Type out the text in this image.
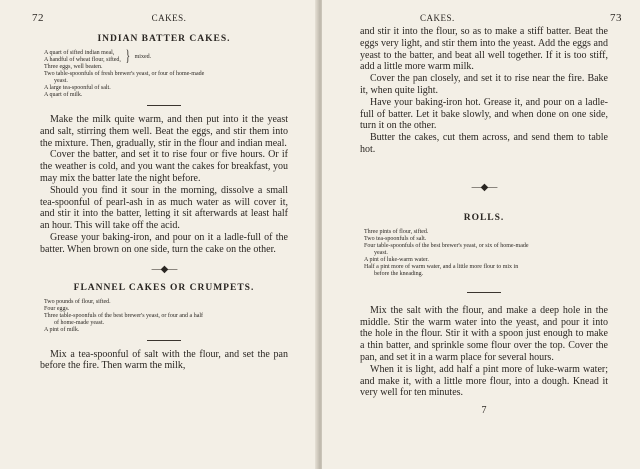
72	CAKES.
INDIAN BATTER CAKES.

A quart of sifted indian meal,

A handful of wheat flour, sifted, } mixed.

Three eggs, well beaten.

Two table-spoonfuls of fresh brewer's yeast, or four of home-made

yeast.

A large tea-spoonful of salt.

A quart of milk.

Make the milk quite warm, and then put into it the yeast and salt, stirring them well. Beat the eggs, and stir them into the mixture. Then, gradually, stir in the flour and indian meal.

Cover the batter, and set it to rise four or five hours. Or if the weather is cold, and you want the cakes for breakfast, you may mix the batter late the night before.

Should you find it sour in the morning, dissolve a small tea-spoonful of pearl-ash in as much water as will cover it, and stir it into the batter, letting it sit afterwards at least half an hour. This will take off the acid.

Grease your baking-iron, and pour on it a ladle-full of the batter. When brown on one side, turn the cake on the other.

―◆―
FLANNEL CAKES OR CRUMPETS.

Two pounds of flour, sifted.

Four eggs.

Three table-spoonfuls of the best brewer's yeast, or four and a half

of home-made yeast.

A pint of milk.

Mix a tea-spoonful of salt with the flour, and set the pan before the fire. Then warm the milk,

CAKES.	73

and stir it into the flour, so as to make a stiff batter. Beat the eggs very light, and stir them into the yeast. Add the eggs and yeast to the batter, and beat all well together. If it is too stiff, add a little more warm milk.

Cover the pan closely, and set it to rise near the fire. Bake it, when quite light.

Have your baking-iron hot. Grease it, and pour on a ladle-full of batter. Let it bake slowly, and when done on one side, turn it on the other.

Butter the cakes, cut them across, and send them to table hot.

―◆―
ROLLS.

Three pints of flour, sifted.

Two tea-spoonfuls of salt.

Four table-spoonfuls of the best brewer's yeast, or six of home-made

yeast.

A pint of luke-warm water.

Half a pint more of warm water, and a little more flour to mix in

before the kneading.

Mix the salt with the flour, and make a deep hole in the middle. Stir the warm water into the yeast, and pour it into the hole in the flour. Stir it with a spoon just enough to make a thin batter, and sprinkle some flour over the top. Cover the pan, and set it in a warm place for several hours.

When it is light, add half a pint more of luke-warm water; and make it, with a little more flour, into a dough. Knead it very well for ten minutes.

7
